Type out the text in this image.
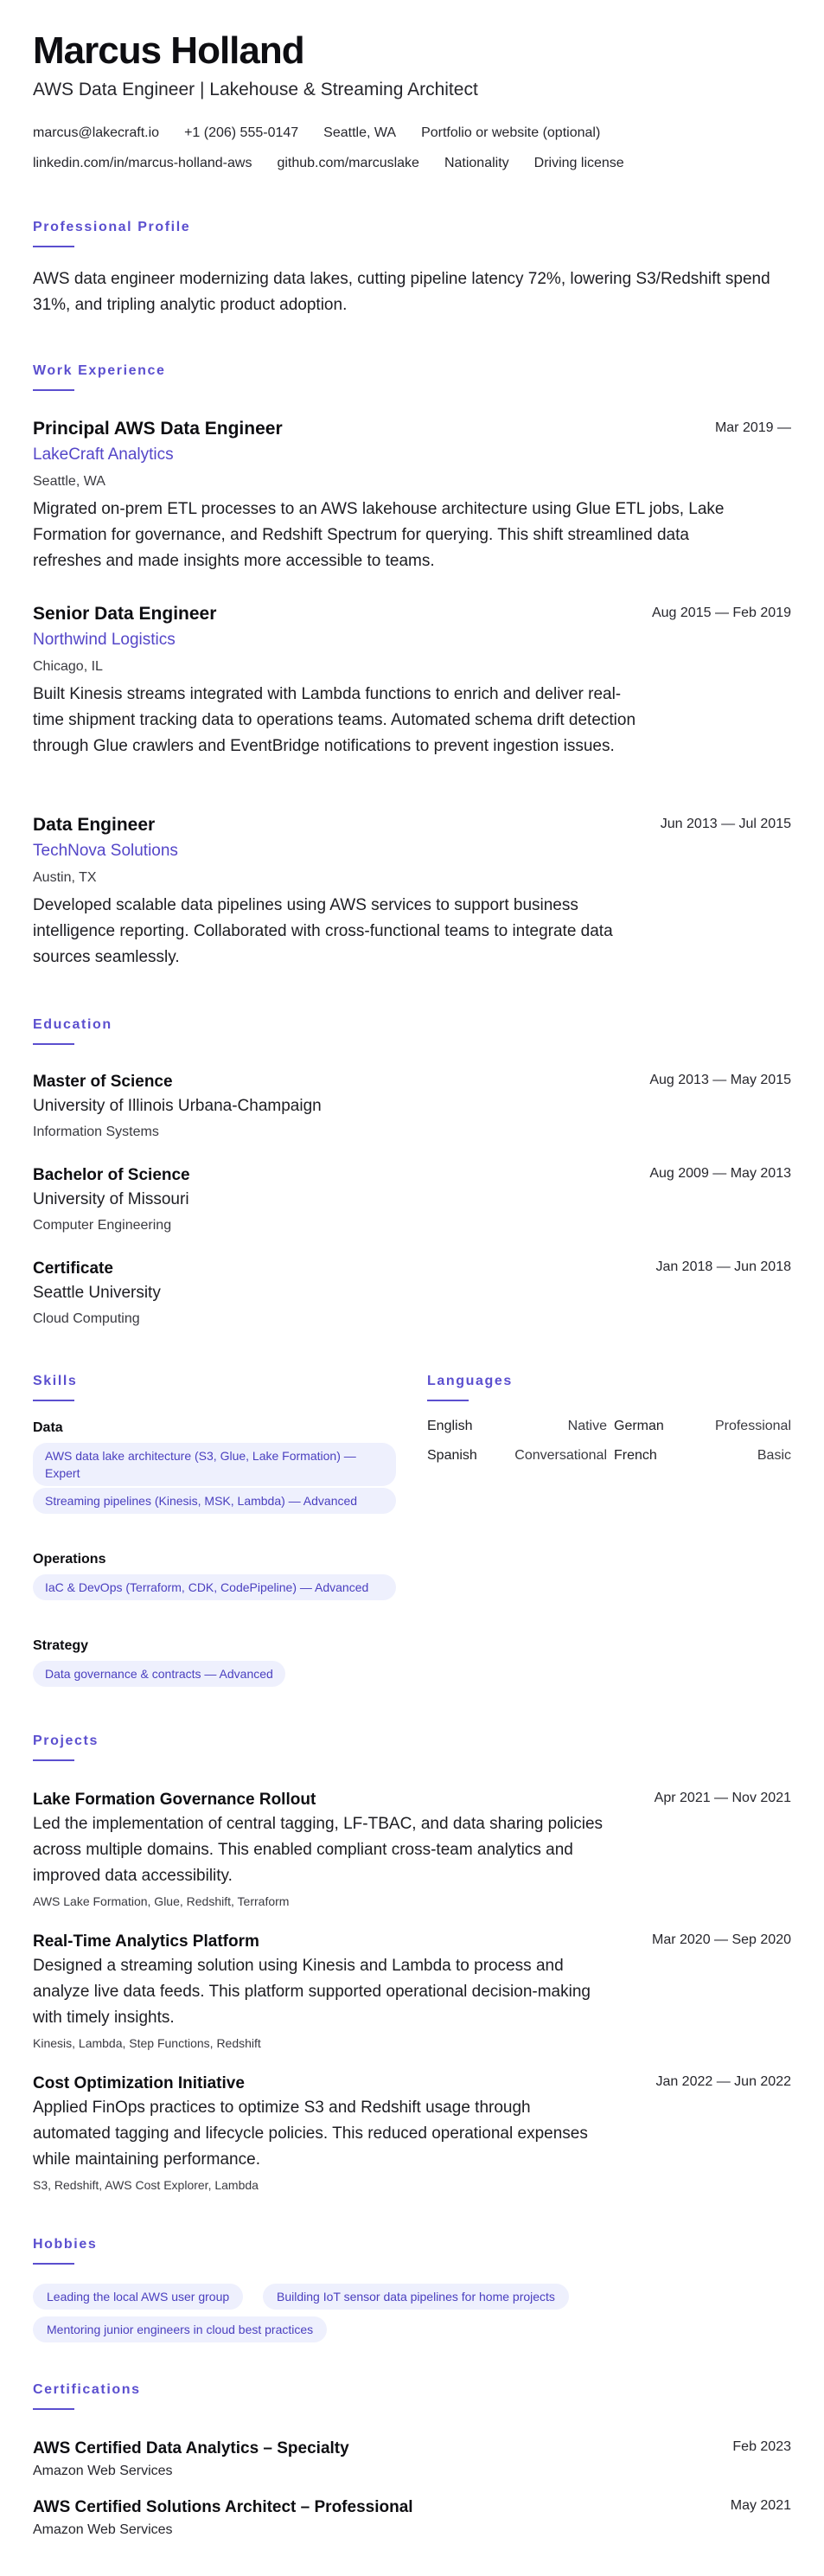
Marcus Holland
AWS Data Engineer | Lakehouse & Streaming Architect
marcus@lakecraft.io +1 (206) 555-0147 Seattle, WA Portfolio or website (optional)
linkedin.com/in/marcus-holland-aws github.com/marcuslake Nationality Driving license
Professional Profile
AWS data engineer modernizing data lakes, cutting pipeline latency 72%, lowering S3/Redshift spend 31%, and tripling analytic product adoption.
Work Experience
Principal AWS Data Engineer	Mar 2019 —
LakeCraft Analytics
Seattle, WA
Migrated on-prem ETL processes to an AWS lakehouse architecture using Glue ETL jobs, Lake Formation for governance, and Redshift Spectrum for querying. This shift streamlined data refreshes and made insights more accessible to teams.
Senior Data Engineer	Aug 2015 — Feb 2019
Northwind Logistics
Chicago, IL
Built Kinesis streams integrated with Lambda functions to enrich and deliver real-time shipment tracking data to operations teams. Automated schema drift detection through Glue crawlers and EventBridge notifications to prevent ingestion issues.
Data Engineer	Jun 2013 — Jul 2015
TechNova Solutions
Austin, TX
Developed scalable data pipelines using AWS services to support business intelligence reporting. Collaborated with cross-functional teams to integrate data sources seamlessly.
Education
Master of Science	Aug 2013 — May 2015
University of Illinois Urbana-Champaign
Information Systems
Bachelor of Science	Aug 2009 — May 2013
University of Missouri
Computer Engineering
Certificate	Jan 2018 — Jun 2018
Seattle University
Cloud Computing
Skills
Data
AWS data lake architecture (S3, Glue, Lake Formation) — Expert
Streaming pipelines (Kinesis, MSK, Lambda) — Advanced
Operations
IaC & DevOps (Terraform, CDK, CodePipeline) — Advanced
Strategy
Data governance & contracts — Advanced
Languages
English	Native German	Professional
Spanish	Conversational French	Basic
Projects
Lake Formation Governance Rollout	Apr 2021 — Nov 2021
Led the implementation of central tagging, LF-TBAC, and data sharing policies across multiple domains. This enabled compliant cross-team analytics and improved data accessibility.
AWS Lake Formation, Glue, Redshift, Terraform
Real-Time Analytics Platform	Mar 2020 — Sep 2020
Designed a streaming solution using Kinesis and Lambda to process and analyze live data feeds. This platform supported operational decision-making with timely insights.
Kinesis, Lambda, Step Functions, Redshift
Cost Optimization Initiative	Jan 2022 — Jun 2022
Applied FinOps practices to optimize S3 and Redshift usage through automated tagging and lifecycle policies. This reduced operational expenses while maintaining performance.
S3, Redshift, AWS Cost Explorer, Lambda
Hobbies
Leading the local AWS user group	Building IoT sensor data pipelines for home projects
Mentoring junior engineers in cloud best practices
Certifications
AWS Certified Data Analytics – Specialty	Feb 2023
Amazon Web Services
AWS Certified Solutions Architect – Professional	May 2021
Amazon Web Services
